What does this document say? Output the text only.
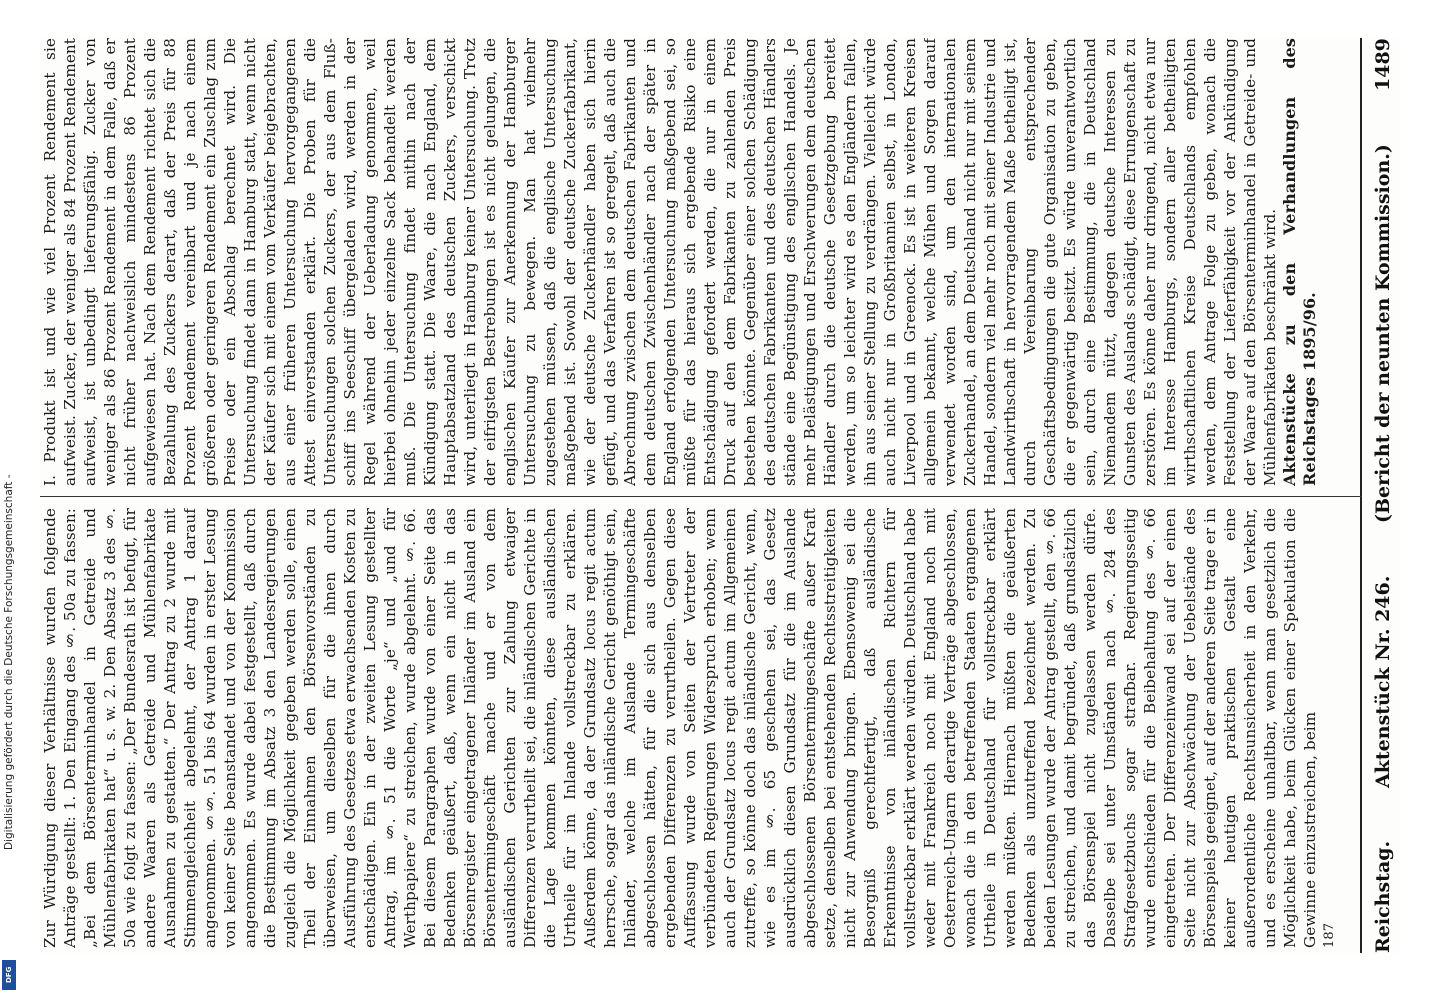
Reichstag.
Aktenstück Nr. 246.
(Bericht der neunten Kommission.)
1489
I. Produkt ist und wie viel Prozent Rendement sie aufweist. Zucker, der weniger als 84 Prozent Rendement aufweist, ist unbedingt lieferungsfähig. Zucker von weniger als 86 Prozent Rendement in dem Falle, daß er nicht früher nachweislich mindestens 86 Prozent aufgewiesen hat. Nach dem Rendement richtet sich die Bezahlung des Zuckers derart, daß der Preis für 88 Prozent Rendement vereinbart und je nach einem größeren oder geringeren Rendement ein Zuschlag zum Preise oder ein Abschlag berechnet wird. Die Untersuchung findet dann in Hamburg statt, wenn nicht der Käufer sich mit einem vom Verkäufer beigebrachten, aus einer früheren Untersuchung hervorgegangenen Attest einverstanden erklärt. Die Proben für die Untersuchungen solchen Zuckers, der aus dem Fluß-schiff ins Seeschiff übergeladen wird, werden in der Regel während der Ueberladung genommen, weil hierbei ohnehin jeder einzelne Sack behandelt werden muß. Die Untersuchung findet mithin nach der Kündigung statt. Die Waare, die nach England, dem Hauptabsatzland des deutschen Zuckers, verschickt wird, unterliegt in Hamburg keiner Untersuchung. Trotz der eifrigsten Bestrebungen ist es nicht gelungen, die englischen Käufer zur Anerkennung der Hamburger Untersuchung zu bewegen. Man hat vielmehr zugestehen müssen, daß die englische Untersuchung maßgebend ist. Sowohl der deutsche Zuckerfabrikant, wie der deutsche Zuckerhändler haben sich hierin gefügt, und das Verfahren ist so geregelt, daß auch die Abrechnung zwischen dem deutschen Fabrikanten und dem deutschen Zwischenhändler nach der später in England erfolgenden Untersuchung maßgebend sei, so müßte für das hieraus sich ergebende Risiko eine Entschädigung gefordert werden, die nur in einem Druck auf den dem Fabrikanten zu zahlenden Preis bestehen könnte. Gegenüber einer solchen Schädigung des deutschen Fabrikanten und des deutschen Händlers stände eine Begünstigung des englischen Handels. Je mehr Belästigungen und Erschwerungen dem deutschen Händler durch die deutsche Gesetzgebung bereitet werden, um so leichter wird es den Engländern fallen, ihn aus seiner Stellung zu verdrängen. Vielleicht würde auch nicht nur in Großbritannien selbst, in London, Liverpool und in Greenock. Es ist in weiteren Kreisen allgemein bekannt, welche Mühen und Sorgen darauf verwendet worden sind, um den internationalen Zuckerhandel, an dem Deutschland nicht nur mit seinem Handel, sondern viel mehr noch mit seiner Industrie und Landwirthschaft in hervorragendem Maße betheiligt ist, durch Vereinbarung entsprechender Geschäftsbedingungen die gute Organisation zu geben, die er gegenwärtig besitzt. Es würde unverantwortlich sein, durch eine Bestimmung, die in Deutschland Niemandem nützt, dagegen deutsche Interessen zu Gunsten des Auslands schädigt, diese Errungenschaft zu zerstören. Es könne daher nur dringend, nicht etwa nur im Interesse Hamburgs, sondern aller betheiligten wirthschaftlichen Kreise Deutschlands empfohlen werden, dem Antrage Folge zu geben, wonach die Feststellung der Lieferfähigkeit vor der Ankündigung der Waare auf den Börsenterminhandel in Getreide- und Mühlenfabrikaten beschränkt wird.
Aktenstücke zu den Verhandlungen des Reichstages 1895/96.
Zur Würdigung dieser Verhältnisse wurden folgende Anträge gestellt: 1. Den Eingang des §. 50a zu fassen: „Bei dem Börsenterminhandel in Getreide und Mühlenfabrikaten hat“ u. s. w. 2. Den Absatz 3 des §. 50a wie folgt zu fassen: „Der Bundesrath ist befugt, für andere Waaren als Getreide und Mühlenfabrikate Ausnahmen zu gestatten.“ Der Antrag zu 2 wurde mit Stimmengleichheit abgelehnt, der Antrag 1 darauf angenommen. §§. 51 bis 64 wurden in erster Lesung von keiner Seite beanstandet und von der Kommission angenommen. Es wurde dabei festgestellt, daß durch die Bestimmung im Absatz 3 den Landesregierungen zugleich die Möglichkeit gegeben werden solle, einen Theil der Einnahmen den Börsenvorständen zu überweisen, um dieselben für die ihnen durch Ausführung des Gesetzes etwa erwachsenden Kosten zu entschädigen. Ein in der zweiten Lesung gestellter Antrag, im §. 51 die Worte „je“ und „und für Werthpapiere“ zu streichen, wurde abgelehnt. §. 66. Bei diesem Paragraphen wurde von einer Seite das Bedenken geäußert, daß, wenn ein nicht in das Börsenregister eingetragener Inländer im Ausland ein Börsentermingeschäft mache und er von dem ausländischen Gerichten zur Zahlung etwaiger Differenzen verurtheilt sei, die inländischen Gerichte in die Lage kommen könnten, diese ausländischen Urtheile für im Inlande vollstreckbar zu erklären. Außerdem könne, da der Grundsatz locus regit actum herrsche, sogar das inländische Gericht genöthigt sein, Inländer, welche im Auslande Termingeschäfte abgeschlossen hätten, für die sich aus denselben ergebenden Differenzen zu verurtheilen. Gegen diese Auffassung wurde von Seiten der Vertreter der verbündeten Regierungen Widerspruch erhoben; wenn auch der Grundsatz locus regit actum im Allgemeinen zutreffe, so könne doch das inländische Gericht, wenn, wie es im §. 65 geschehen sei, das Gesetz ausdrücklich diesen Grundsatz für die im Auslande abgeschlossenen Börsentermingeschäfte außer Kraft setze, denselben bei entstehenden Rechtsstreitigkeiten nicht zur Anwendung bringen. Ebensowenig sei die Besorgniß gerechtfertigt, daß ausländische Erkenntnisse von inländischen Richtern für vollstreckbar erklärt werden würden. Deutschland habe weder mit Frankreich noch mit England noch mit Oesterreich-Ungarn derartige Verträge abgeschlossen, wonach die in den betreffenden Staaten ergangenen Urtheile in Deutschland für vollstreckbar erklärt werden müßten. Hiernach müßten die geäußerten Bedenken als unzutreffend bezeichnet werden. Zu beiden Lesungen wurde der Antrag gestellt, den §. 66 zu streichen, und damit begründet, daß grundsätzlich das Börsenspiel nicht zugelassen werden dürfe. Dasselbe sei unter Umständen nach §. 284 des Strafgesetzbuchs sogar strafbar. Regierungsseitig wurde entschieden für die Beibehaltung des §. 66 eingetreten. Der Differenzeinwand sei auf der einen Seite nicht zur Abschwächung der Uebelstände des Börsenspiels geeignet, auf der anderen Seite trage er in keiner heutigen praktischen Gestalt eine außerordentliche Rechtsunsicherheit in den Verkehr, und es erscheine unhaltbar, wenn man gesetzlich die Möglichkeit habe, beim Glücken einer Spekulation die Gewinne einzustreichen, beim 187
Digitalisierung gefördert durch die Deutsche Forschungsgemeinschaft -
DFG
